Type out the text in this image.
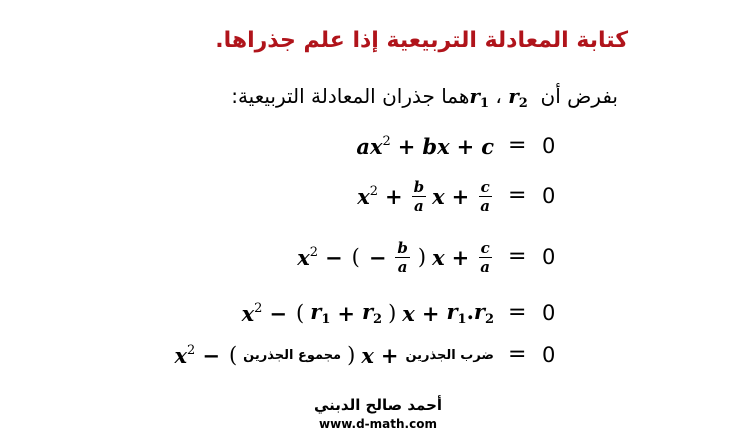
كتابة المعادلة التربيعية إذا علم جذراها.
بفرض أن $r_1$ ، $r_2$ هما جذران المعادلة التربيعية:
$ax^2$ + bx + c = 0
$x^2 + \frac{b}{a}$ $x + \frac{c}{a} = 0$
$x^2$ − ( − $\frac{b}{a}$ ) $x + \frac{c}{a} = 0$
$x^2$ − ( $r_1 + r_2$ ) $x + r_1.r_2 = 0$
$x^2$ − ( مجموع الجذرين ) x + ضرب الجذرين = 0
أحمد صالح الدبني
www.d-math.com
